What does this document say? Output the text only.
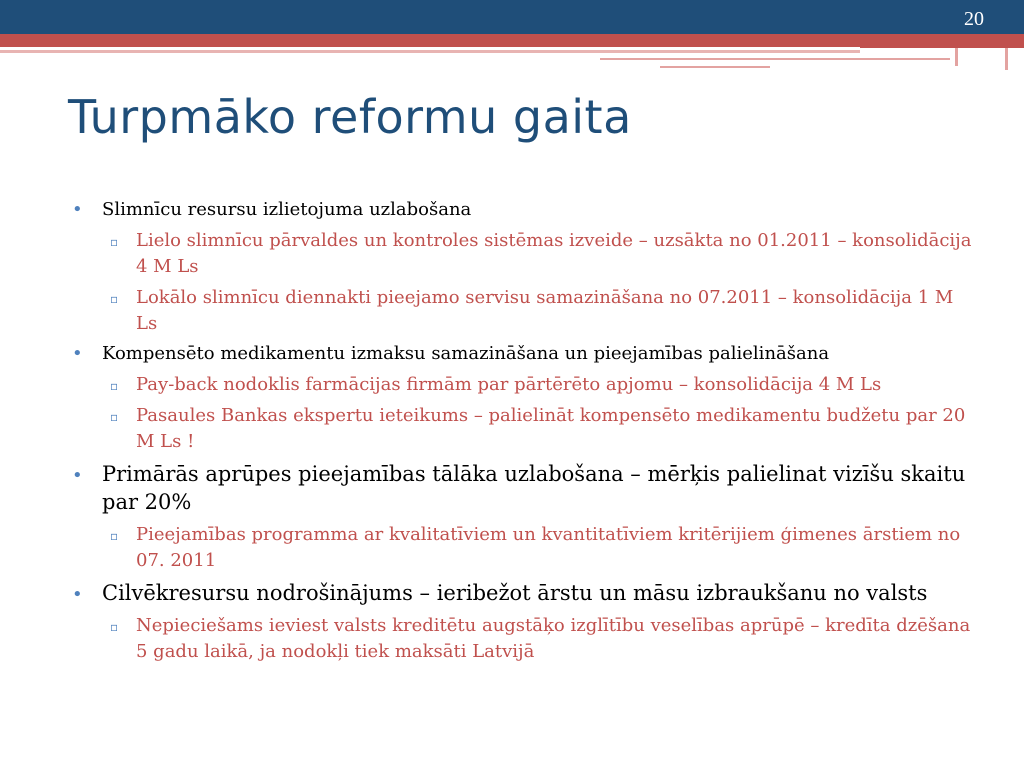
20
Turpmāko reformu gaita
• Slimnīcu resursu izlietojuma uzlabošana
▫ Lielo slimnīcu pārvaldes un kontroles sistēmas izveide – uzsākta no 01.2011 – konsolidācija 4 M Ls
▫ Lokālo slimnīcu diennakti pieejamo servisu samazināšana no 07.2011 – konsolidācija 1 M Ls
• Kompensēto medikamentu izmaksu samazināšana un pieejamības palielināšana
▫ Pay-back nodoklis farmācijas firmām par pārtērēto apjomu – konsolidācija 4 M Ls
▫ Pasaules Bankas ekspertu ieteikums – palielināt kompensēto medikamentu budžetu par 20 M Ls !
• Primārās aprūpes pieejamības tālāka uzlabošana – mērķis palielinat vizīšu skaitu par 20%
▫ Pieejamības programma ar kvalitatīviem un kvantitatīviem kritērijiem ģimenes ārstiem no 07. 2011
• Cilvēkresursu nodrošinājums – ieribežot ārstu un māsu izbraukšanu no valsts
▫ Nepieciešams ieviest valsts kreditētu augstāķo izglītību veselības aprūpē – kredīta dzēšana 5 gadu laikā, ja nodokļi tiek maksāti Latvijā
